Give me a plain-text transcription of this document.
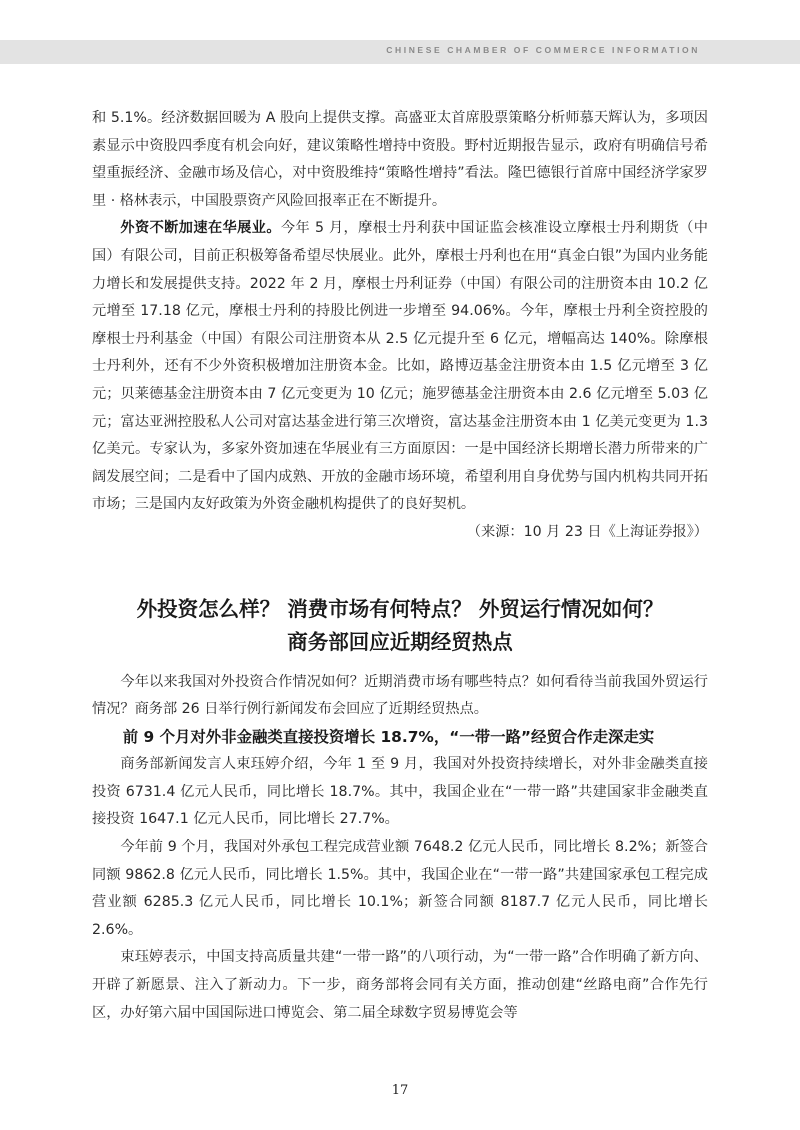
CHINESE CHAMBER OF COMMERCE INFORMATION

和 5.1%。经济数据回暖为 A 股向上提供支撑。高盛亚太首席股票策略分析师慕天辉认为，多项因素显示中资股四季度有机会向好，建议策略性增持中资股。野村近期报告显示，政府有明确信号希望重振经济、金融市场及信心，对中资股维持“策略性增持”看法。隆巴德银行首席中国经济学家罗里 · 格林表示，中国股票资产风险回报率正在不断提升。

外资不断加速在华展业。今年 5 月，摩根士丹利获中国证监会核准设立摩根士丹利期货（中国）有限公司，目前正积极筹备希望尽快展业。此外，摩根士丹利也在用“真金白银”为国内业务能力增长和发展提供支持。2022 年 2 月，摩根士丹利证券（中国）有限公司的注册资本由 10.2 亿元增至 17.18 亿元，摩根士丹利的持股比例进一步增至 94.06%。今年，摩根士丹利全资控股的摩根士丹利基金（中国）有限公司注册资本从 2.5 亿元提升至 6 亿元，增幅高达 140%。除摩根士丹利外，还有不少外资积极增加注册资本金。比如，路博迈基金注册资本由 1.5 亿元增至 3 亿元；贝莱德基金注册资本由 7 亿元变更为 10 亿元；施罗德基金注册资本由 2.6 亿元增至 5.03 亿元；富达亚洲控股私人公司对富达基金进行第三次增资，富达基金注册资本由 1 亿美元变更为 1.3 亿美元。专家认为，多家外资加速在华展业有三方面原因：一是中国经济长期增长潜力所带来的广阔发展空间；二是看中了国内成熟、开放的金融市场环境，希望利用自身优势与国内机构共同开拓市场；三是国内友好政策为外资金融机构提供了的良好契机。

（来源：10 月 23 日《上海证券报》）

外投资怎么样？ 消费市场有何特点？ 外贸运行情况如何？
商务部回应近期经贸热点

今年以来我国对外投资合作情况如何？近期消费市场有哪些特点？如何看待当前我国外贸运行情况？商务部 26 日举行例行新闻发布会回应了近期经贸热点。

前 9 个月对外非金融类直接投资增长 18.7%，“一带一路”经贸合作走深走实

商务部新闻发言人束珏婷介绍，今年 1 至 9 月，我国对外投资持续增长，对外非金融类直接投资 6731.4 亿元人民币，同比增长 18.7%。其中，我国企业在“一带一路”共建国家非金融类直接投资 1647.1 亿元人民币，同比增长 27.7%。

今年前 9 个月，我国对外承包工程完成营业额 7648.2 亿元人民币，同比增长 8.2%；新签合同额 9862.8 亿元人民币，同比增长 1.5%。其中，我国企业在“一带一路”共建国家承包工程完成营业额 6285.3 亿元人民币，同比增长 10.1%；新签合同额 8187.7 亿元人民币，同比增长 2.6%。

束珏婷表示，中国支持高质量共建“一带一路”的八项行动，为“一带一路”合作明确了新方向、开辟了新愿景、注入了新动力。下一步，商务部将会同有关方面，推动创建“丝路电商”合作先行区，办好第六届中国国际进口博览会、第二届全球数字贸易博览会等

17
